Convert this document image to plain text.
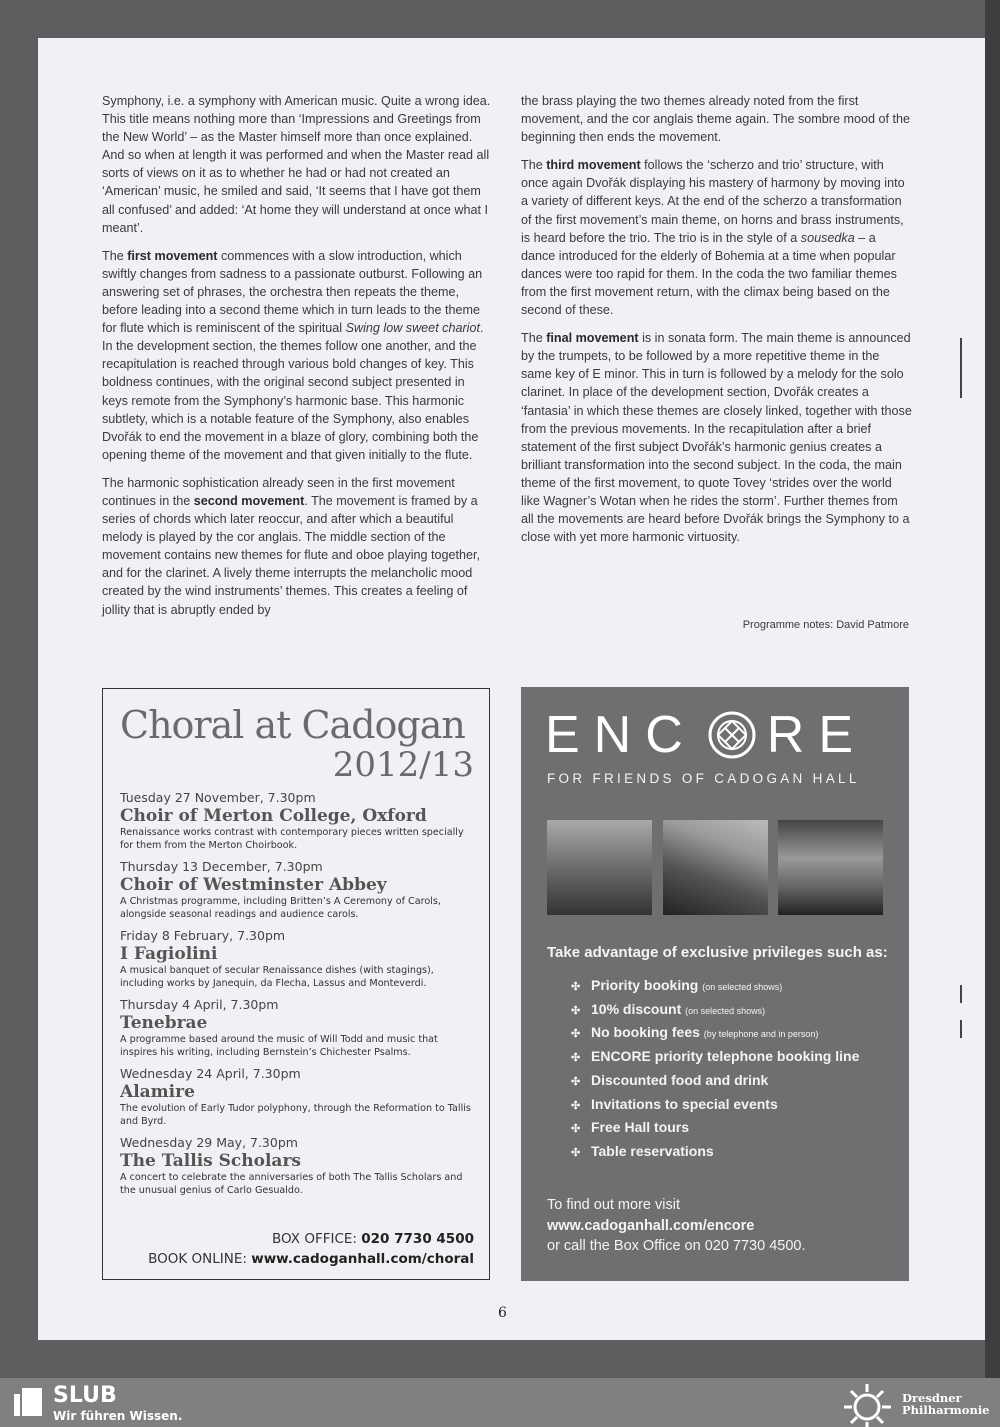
Symphony, i.e. a symphony with American music. Quite a wrong idea. This title means nothing more than ‘Impressions and Greetings from the New World’ – as the Master himself more than once explained. And so when at length it was performed and when the Master read all sorts of views on it as to whether he had or had not created an ‘American’ music, he smiled and said, ‘It seems that I have got them all confused’ and added: ‘At home they will understand at once what I meant’.

The first movement commences with a slow introduction, which swiftly changes from sadness to a passionate outburst. Following an answering set of phrases, the orchestra then repeats the theme, before leading into a second theme which in turn leads to the theme for flute which is reminiscent of the spiritual Swing low sweet chariot. In the development section, the themes follow one another, and the recapitulation is reached through various bold changes of key. This boldness continues, with the original second subject presented in keys remote from the Symphony’s harmonic base. This harmonic subtlety, which is a notable feature of the Symphony, also enables Dvořák to end the movement in a blaze of glory, combining both the opening theme of the movement and that given initially to the flute.

The harmonic sophistication already seen in the first movement continues in the second movement. The movement is framed by a series of chords which later reoccur, and after which a beautiful melody is played by the cor anglais. The middle section of the movement contains new themes for flute and oboe playing together, and for the clarinet. A lively theme interrupts the melancholic mood created by the wind instruments’ themes. This creates a feeling of jollity that is abruptly ended by

the brass playing the two themes already noted from the first movement, and the cor anglais theme again. The sombre mood of the beginning then ends the movement.

The third movement follows the ‘scherzo and trio’ structure, with once again Dvořák displaying his mastery of harmony by moving into a variety of different keys. At the end of the scherzo a transformation of the first movement’s main theme, on horns and brass instruments, is heard before the trio. The trio is in the style of a sousedka – a dance introduced for the elderly of Bohemia at a time when popular dances were too rapid for them. In the coda the two familiar themes from the first movement return, with the climax being based on the second of these.

The final movement is in sonata form. The main theme is announced by the trumpets, to be followed by a more repetitive theme in the same key of E minor. This in turn is followed by a melody for the solo clarinet. In place of the development section, Dvořák creates a ‘fantasia’ in which these themes are closely linked, together with those from the previous movements. In the recapitulation after a brief statement of the first subject Dvořák’s harmonic genius creates a brilliant transformation into the second subject. In the coda, the main theme of the first movement, to quote Tovey ‘strides over the world like Wagner’s Wotan when he rides the storm’. Further themes from all the movements are heard before Dvořák brings the Symphony to a close with yet more harmonic virtuosity.

Programme notes: David Patmore
Choral at Cadogan
2012/13
Tuesday 27 November, 7.30pm
Choir of Merton College, Oxford
Renaissance works contrast with contemporary pieces written specially for them from the Merton Choirbook.
Thursday 13 December, 7.30pm
Choir of Westminster Abbey
A Christmas programme, including Britten’s A Ceremony of Carols, alongside seasonal readings and audience carols.
Friday 8 February, 7.30pm
I Fagiolini
A musical banquet of secular Renaissance dishes (with stagings), including works by Janequin, da Flecha, Lassus and Monteverdi.
Thursday 4 April, 7.30pm
Tenebrae
A programme based around the music of Will Todd and music that inspires his writing, including Bernstein’s Chichester Psalms.
Wednesday 24 April, 7.30pm
Alamire
The evolution of Early Tudor polyphony, through the Reformation to Tallis and Byrd.
Wednesday 29 May, 7.30pm
The Tallis Scholars
A concert to celebrate the anniversaries of both The Tallis Scholars and the unusual genius of Carlo Gesualdo.
BOX OFFICE: 020 7730 4500
BOOK ONLINE: www.cadoganhall.com/choral
ENC RE
FOR FRIENDS OF CADOGAN HALL
Take advantage of exclusive privileges such as:
✣ Priority booking (on selected shows)
✣ 10% discount (on selected shows)
✣ No booking fees (by telephone and in person)
✣ ENCORE priority telephone booking line
✣ Discounted food and drink
✣ Invitations to special events
✣ Free Hall tours
✣ Table reservations
To find out more visit
www.cadoganhall.com/encore
or call the Box Office on 020 7730 4500.
6
SLUB
Wir führen Wissen.
Dresdner
Philharmonie
